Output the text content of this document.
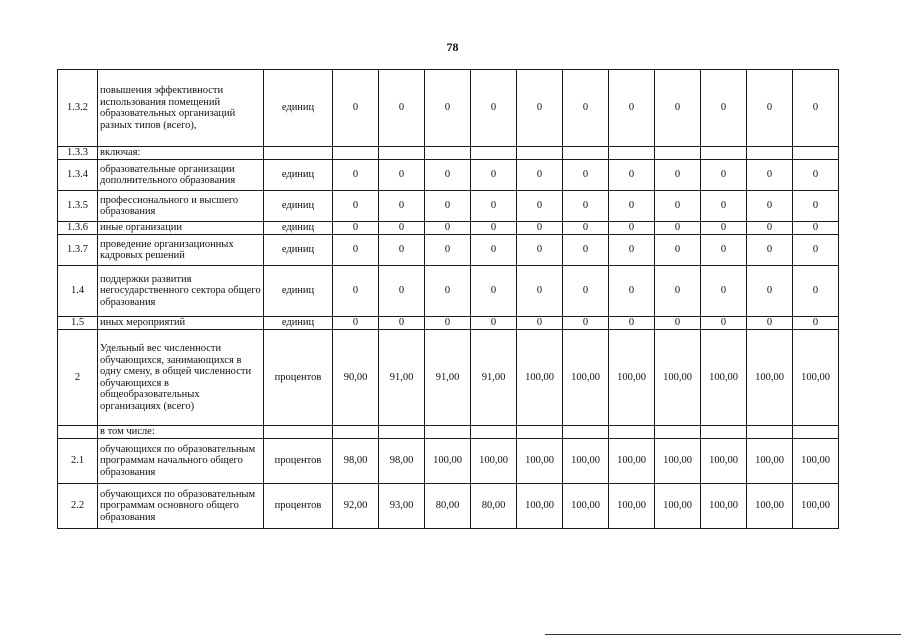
78
1.3.2	повышения эффективности использования помещений образовательных организаций разных типов (всего),	единиц	0	0	0	0	0	0	0	0	0	0	0
1.3.3	включая:												
1.3.4	образовательные организации дополнительного образования	единиц	0	0	0	0	0	0	0	0	0	0	0
1.3.5	профессионального и высшего образования	единиц	0	0	0	0	0	0	0	0	0	0	0
1.3.6	иные организации	единиц	0	0	0	0	0	0	0	0	0	0	0
1.3.7	проведение организационных кадровых решений	единиц	0	0	0	0	0	0	0	0	0	0	0
1.4	поддержки развития негосударственного сектора общего образования	единиц	0	0	0	0	0	0	0	0	0	0	0
1.5	иных мероприятий	единиц	0	0	0	0	0	0	0	0	0	0	0
2	Удельный вес численности обучающихся, занимающихся в одну смену, в общей численности обучающихся в общеобразовательных организациях (всего)	процентов	90,00	91,00	91,00	91,00	100,00	100,00	100,00	100,00	100,00	100,00	100,00
	в том числе:												
2.1	обучающихся по образовательным программам начального общего образования	процентов	98,00	98,00	100,00	100,00	100,00	100,00	100,00	100,00	100,00	100,00	100,00
2.2	обучающихся по образовательным программам основного общего образования	процентов	92,00	93,00	80,00	80,00	100,00	100,00	100,00	100,00	100,00	100,00	100,00
